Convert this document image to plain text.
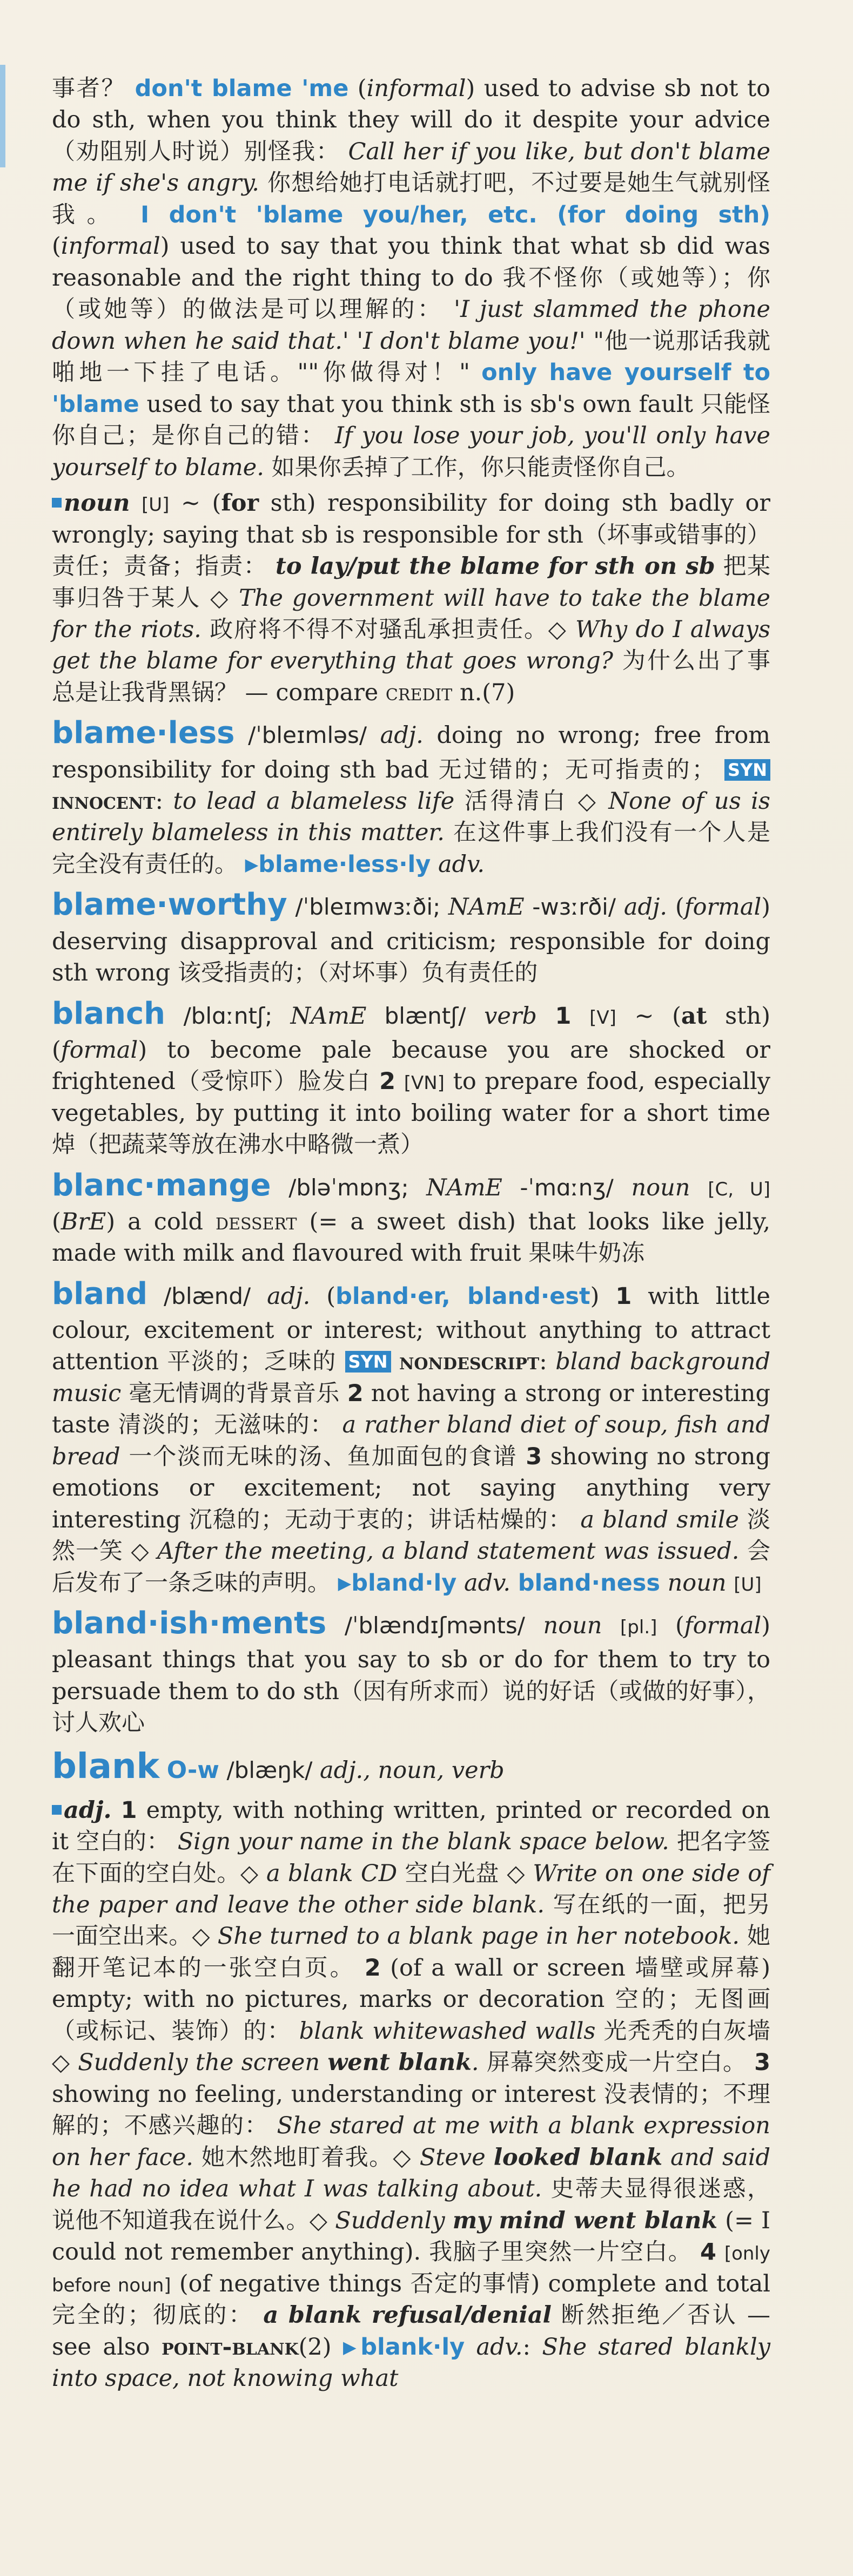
事者？ don't blame 'me (informal) used to advise sb not to do sth, when you think they will do it despite your advice（劝阻别人时说）别怪我： Call her if you like, but don't blame me if she's angry. 你想给她打电话就打吧，不过要是她生气就别怪我。 I don't 'blame you/her, etc. (for doing sth) (informal) used to say that you think that what sb did was reasonable and the right thing to do 我不怪你（或她等）；你（或她等）的做法是可以理解的： 'I just slammed the phone down when he said that.' 'I don't blame you!' "他一说那话我就啪地一下挂了电话。""你做得对！" only have yourself to 'blame used to say that you think sth is sb's own fault 只能怪你自己；是你自己的错： If you lose your job, you'll only have yourself to blame. 如果你丢掉了工作，你只能责怪你自己。

noun [U] ~ (for sth) responsibility for doing sth badly or wrongly; saying that sb is responsible for sth（坏事或错事的）责任；责备；指责： to lay/put the blame for sth on sb 把某事归咎于某人 ◇ The government will have to take the blame for the riots. 政府将不得不对骚乱承担责任。◇ Why do I always get the blame for everything that goes wrong? 为什么出了事总是让我背黑锅？ — compare credit n.(7)

blame·less /ˈbleɪmləs/ adj. doing no wrong; free from responsibility for doing sth bad 无过错的；无可指责的； SYN innocent: to lead a blameless life 活得清白 ◇ None of us is entirely blameless in this matter. 在这件事上我们没有一个人是完全没有责任的。 ▶blame·less·ly adv.

blame·worthy /ˈbleɪmwɜːði; NAmE -wɜːrði/ adj. (formal) deserving disapproval and criticism; responsible for doing sth wrong 该受指责的；（对坏事）负有责任的

blanch /blɑːntʃ; NAmE blæntʃ/ verb 1 [V] ~ (at sth) (formal) to become pale because you are shocked or frightened（受惊吓）脸发白 2 [VN] to prepare food, especially vegetables, by putting it into boiling water for a short time 焯（把蔬菜等放在沸水中略微一煮）

blanc·mange /bləˈmɒnʒ; NAmE -ˈmɑːnʒ/ noun [C, U] (BrE) a cold dessert (= a sweet dish) that looks like jelly, made with milk and flavoured with fruit 果味牛奶冻

bland /blænd/ adj. (bland·er, bland·est) 1 with little colour, excitement or interest; without anything to attract attention 平淡的；乏味的 SYN nondescript: bland background music 毫无情调的背景音乐 2 not having a strong or interesting taste 清淡的；无滋味的： a rather bland diet of soup, fish and bread 一个淡而无味的汤、鱼加面包的食谱 3 showing no strong emotions or excitement; not saying anything very interesting 沉稳的；无动于衷的；讲话枯燥的： a bland smile 淡然一笑 ◇ After the meeting, a bland statement was issued. 会后发布了一条乏味的声明。 ▶bland·ly adv. bland·ness noun [U]

bland·ish·ments /ˈblændɪʃmənts/ noun [pl.] (formal) pleasant things that you say to sb or do for them to try to persuade them to do sth（因有所求而）说的好话（或做的好事），讨人欢心

blank O-w /blæŋk/ adj., noun, verb

adj. 1 empty, with nothing written, printed or recorded on it 空白的： Sign your name in the blank space below. 把名字签在下面的空白处。◇ a blank CD 空白光盘 ◇ Write on one side of the paper and leave the other side blank. 写在纸的一面，把另一面空出来。◇ She turned to a blank page in her notebook. 她翻开笔记本的一张空白页。 2 (of a wall or screen 墙壁或屏幕) empty; with no pictures, marks or decoration 空的；无图画（或标记、装饰）的： blank whitewashed walls 光秃秃的白灰墙 ◇ Suddenly the screen went blank. 屏幕突然变成一片空白。 3 showing no feeling, understanding or interest 没表情的；不理解的；不感兴趣的： She stared at me with a blank expression on her face. 她木然地盯着我。◇ Steve looked blank and said he had no idea what I was talking about. 史蒂夫显得很迷惑，说他不知道我在说什么。◇ Suddenly my mind went blank (= I could not remember anything). 我脑子里突然一片空白。 4 [only before noun] (of negative things 否定的事情) complete and total 完全的；彻底的： a blank refusal/denial 断然拒绝／否认 — see also point-blank(2) ▶blank·ly adv.: She stared blankly into space, not knowing what
